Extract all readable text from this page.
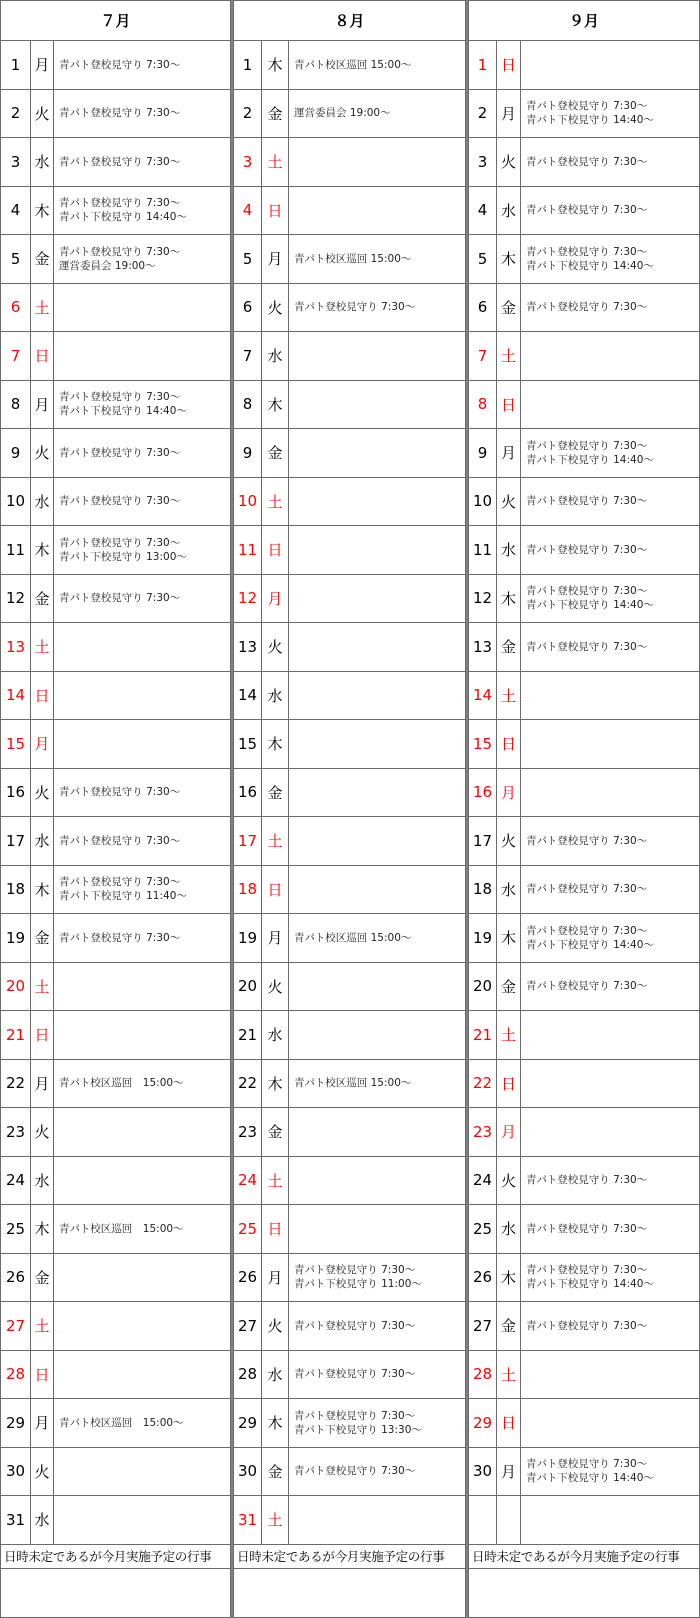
７月		
1	月	青パト登校見守り 7:30～

2	火	青パト登校見守り 7:30～

3	水	青パト登校見守り 7:30～

4	木	青パト登校見守り 7:30～
青パト下校見守り 14:40～

5	金	青パト登校見守り 7:30～
運営委員会 19:00～

6	土	
7	日	
8	月	青パト登校見守り 7:30～
青パト下校見守り 14:40～

9	火	青パト登校見守り 7:30～

10	水	青パト登校見守り 7:30～

11	木	青パト登校見守り 7:30～
青パト下校見守り 13:00～

12	金	青パト登校見守り 7:30～

13	土	
14	日	
15	月	
16	火	青パト登校見守り 7:30～

17	水	青パト登校見守り 7:30～

18	木	青パト登校見守り 7:30～
青パト下校見守り 11:40～

19	金	青パト登校見守り 7:30～

20	土	
21	日	
22	月	青パト校区巡回　15:00～

23	火	
24	水	
25	木	青パト校区巡回　15:00～

26	金	
27	土	
28	日	
29	月	青パト校区巡回　15:00～

30	火	
31	水	
日時未定であるが今月実施予定の行事		

８月		
1	木	青パト校区巡回 15:00～

2	金	運営委員会 19:00～

3	土	
4	日	
5	月	青パト校区巡回 15:00～

6	火	青パト登校見守り 7:30～

7	水	
8	木	
9	金	
10	土	
11	日	
12	月	
13	火	
14	水	
15	木	
16	金	
17	土	
18	日	
19	月	青パト校区巡回 15:00～

20	火	
21	水	
22	木	青パト校区巡回 15:00～

23	金	
24	土	
25	日	
26	月	青パト登校見守り 7:30～
青パト下校見守り 11:00～

27	火	青パト登校見守り 7:30～

28	水	青パト登校見守り 7:30～

29	木	青パト登校見守り 7:30～
青パト下校見守り 13:30～

30	金	青パト登校見守り 7:30～

31	土	
日時未定であるが今月実施予定の行事		

９月		
1	日	
2	月	青パト登校見守り 7:30～
青パト下校見守り 14:40～

3	火	青パト登校見守り 7:30～

4	水	青パト登校見守り 7:30～

5	木	青パト登校見守り 7:30～
青パト下校見守り 14:40～

6	金	青パト登校見守り 7:30～

7	土	
8	日	
9	月	青パト登校見守り 7:30～
青パト下校見守り 14:40～

10	火	青パト登校見守り 7:30～

11	水	青パト登校見守り 7:30～

12	木	青パト登校見守り 7:30～
青パト下校見守り 14:40～

13	金	青パト登校見守り 7:30～

14	土	
15	日	
16	月	
17	火	青パト登校見守り 7:30～

18	水	青パト登校見守り 7:30～

19	木	青パト登校見守り 7:30～
青パト下校見守り 14:40～

20	金	青パト登校見守り 7:30～

21	土	
22	日	
23	月	
24	火	青パト登校見守り 7:30～

25	水	青パト登校見守り 7:30～

26	木	青パト登校見守り 7:30～
青パト下校見守り 14:40～

27	金	青パト登校見守り 7:30～

28	土	
29	日	
30	月	青パト登校見守り 7:30～
青パト下校見守り 14:40～

日時未定であるが今月実施予定の行事		
